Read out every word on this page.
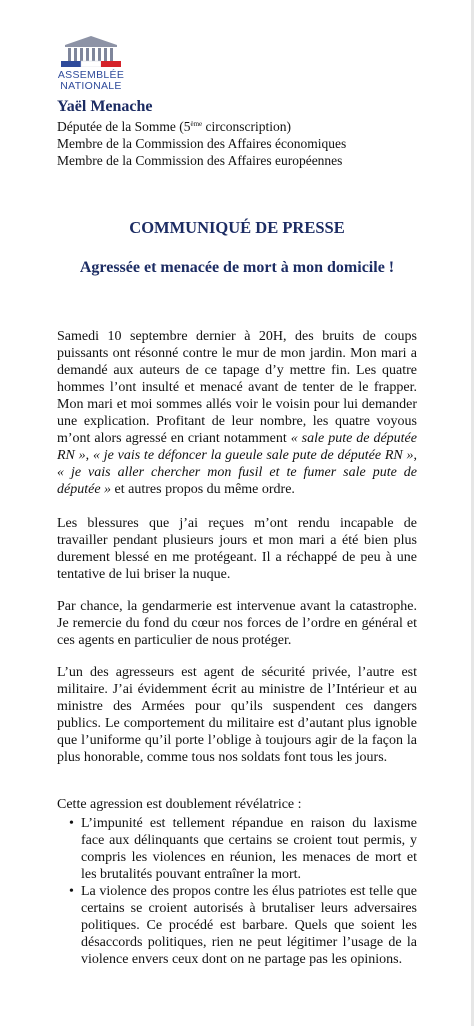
ASSEMBLÉE
NATIONALE
Yaël Menache
Députée de la Somme (5ème circonscription)
Membre de la Commission des Affaires économiques
Membre de la Commission des Affaires européennes
COMMUNIQUÉ DE PRESSE
Agressée et menacée de mort à mon domicile !
Samedi 10 septembre dernier à 20H, des bruits de coups puissants ont résonné contre le mur de mon jardin. Mon mari a demandé aux auteurs de ce tapage d’y mettre fin. Les quatre hommes l’ont insulté et menacé avant de tenter de le frapper. Mon mari et moi sommes allés voir le voisin pour lui demander une explication. Profitant de leur nombre, les quatre voyous m’ont alors agressé en criant notamment « sale pute de députée RN », « je vais te défoncer la gueule sale pute de députée RN », « je vais aller chercher mon fusil et te fumer sale pute de députée » et autres propos du même ordre.
Les blessures que j’ai reçues m’ont rendu incapable de travailler pendant plusieurs jours et mon mari a été bien plus durement blessé en me protégeant. Il a réchappé de peu à une tentative de lui briser la nuque.
Par chance, la gendarmerie est intervenue avant la catastrophe. Je remercie du fond du cœur nos forces de l’ordre en général et ces agents en particulier de nous protéger.
L’un des agresseurs est agent de sécurité privée, l’autre est militaire. J’ai évidemment écrit au ministre de l’Intérieur et au ministre des Armées pour qu’ils suspendent ces dangers publics. Le comportement du militaire est d’autant plus ignoble que l’uniforme qu’il porte l’oblige à toujours agir de la façon la plus honorable, comme tous nos soldats font tous les jours.
Cette agression est doublement révélatrice :
• L’impunité est tellement répandue en raison du laxisme face aux délinquants que certains se croient tout permis, y compris les violences en réunion, les menaces de mort et les brutalités pouvant entraîner la mort.
• La violence des propos contre les élus patriotes est telle que certains se croient autorisés à brutaliser leurs adversaires politiques. Ce procédé est barbare. Quels que soient les désaccords politiques, rien ne peut légitimer l’usage de la violence envers ceux dont on ne partage pas les opinions.
